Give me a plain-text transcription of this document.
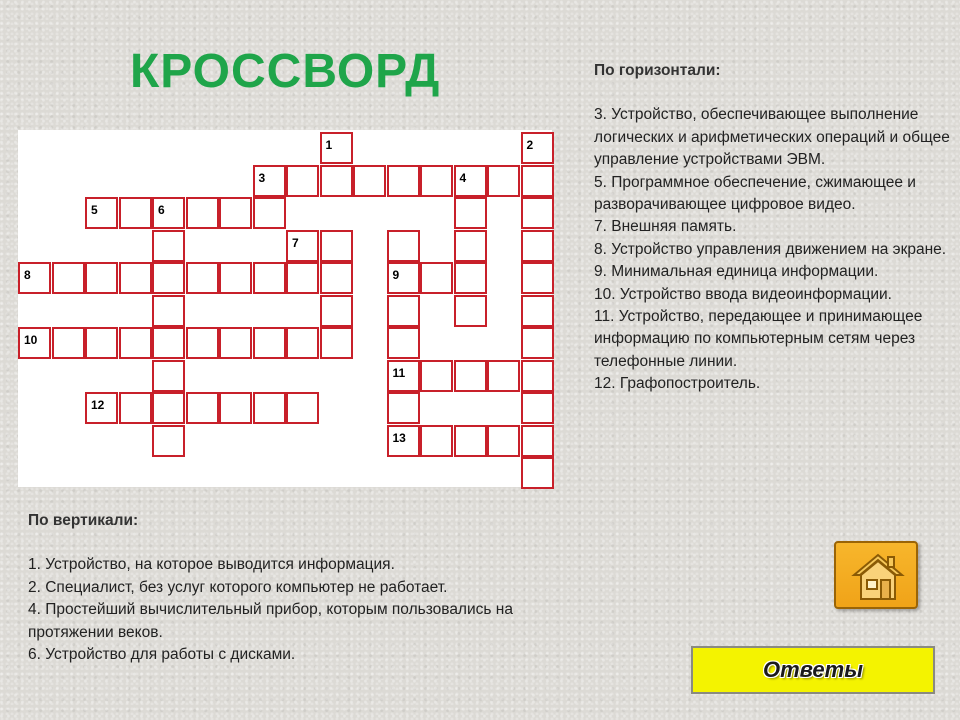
КРОССВОРД
1	2
3	4
5	6
7
8	9
10
11
12
13
По горизонтали:

3. Устройство, обеспечивающее выполнение логических и арифметических операций и общее управление устройствами ЭВМ.

5. Программное обеспечение, сжимающее и разворачивающее цифровое видео.

7. Внешняя память.

8. Устройство управления движением на экране.

9. Минимальная единица информации.

10. Устройство ввода видеоинформации.

11. Устройство, передающее и принимающее информацию по компьютерным сетям через телефонные линии.

12. Графопостроитель.

По вертикали:

1. Устройство, на которое выводится информация.

2. Специалист, без услуг которого компьютер не работает.

4. Простейший вычислительный прибор, которым пользовались на протяжении веков.

6. Устройство для работы с дисками.

Ответы
